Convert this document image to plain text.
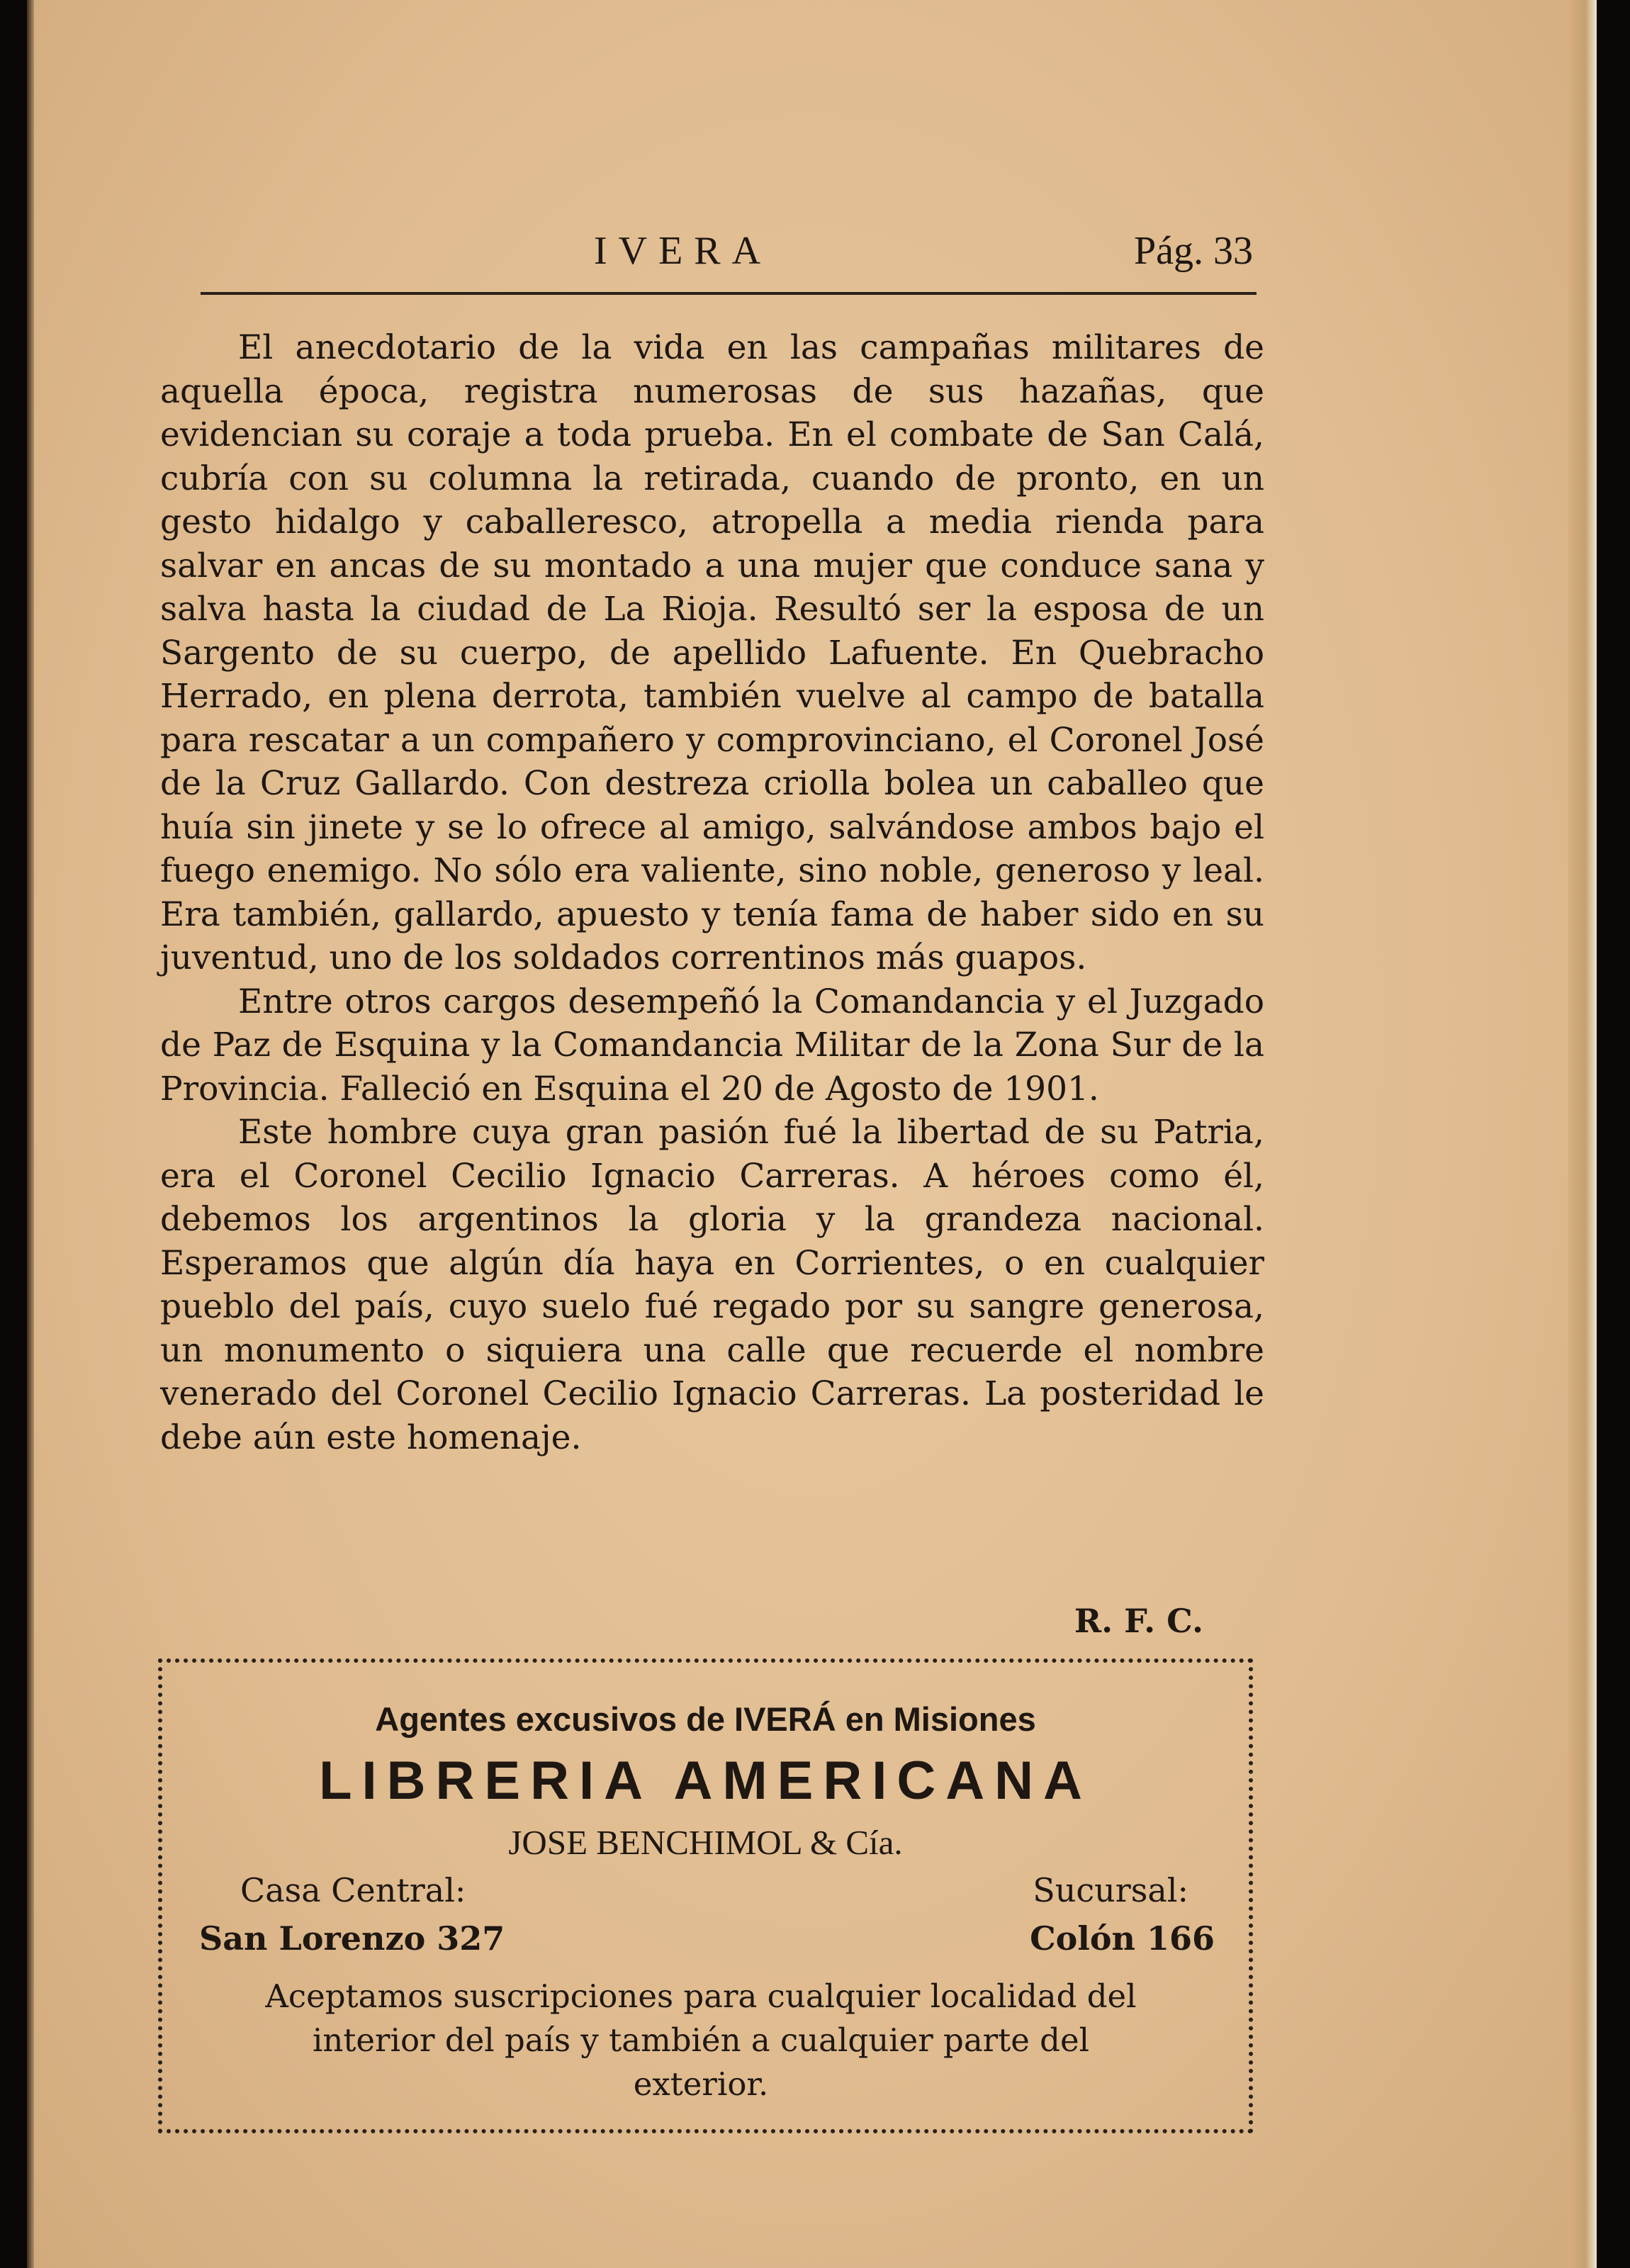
IVERA	Pág. 33

El anecdotario de la vida en las campañas militares de aquella época, registra numerosas de sus hazañas, que evidencian su coraje a toda prueba. En el combate de San Calá, cubría con su columna la retirada, cuando de pronto, en un gesto hidalgo y caballeresco, atropella a media rienda para salvar en ancas de su montado a una mujer que conduce sana y salva hasta la ciudad de La Rioja. Resultó ser la esposa de un Sargento de su cuerpo, de apellido Lafuente. En Quebracho Herrado, en plena derrota, también vuelve al campo de batalla para rescatar a un compañero y comprovinciano, el Coronel José de la Cruz Gallardo. Con destreza criolla bolea un caballeo que huía sin jinete y se lo ofrece al amigo, salvándose ambos bajo el fuego enemigo. No sólo era valiente, sino noble, generoso y leal. Era también, gallardo, apuesto y tenía fama de haber sido en su juventud, uno de los soldados correntinos más guapos.

Entre otros cargos desempeñó la Comandancia y el Juzgado de Paz de Esquina y la Comandancia Militar de la Zona Sur de la Provincia. Falleció en Esquina el 20 de Agosto de 1901.

Este hombre cuya gran pasión fué la libertad de su Patria, era el Coronel Cecilio Ignacio Carreras. A héroes como él, debemos los argentinos la gloria y la grandeza nacional. Esperamos que algún día haya en Corrientes, o en cualquier pueblo del país, cuyo suelo fué regado por su sangre generosa, un monumento o siquiera una calle que recuerde el nombre venerado del Coronel Cecilio Ignacio Carreras. La posteridad le debe aún este homenaje.

R. F. C.
Agentes excusivos de IVERÁ en Misiones
LIBRERIA AMERICANA
JOSE BENCHIMOL & Cía.
Casa Central:	Sucursal:
San Lorenzo 327	Colón 166
Aceptamos suscripciones para cualquier localidad del interior del país y también a cualquier parte del exterior.
